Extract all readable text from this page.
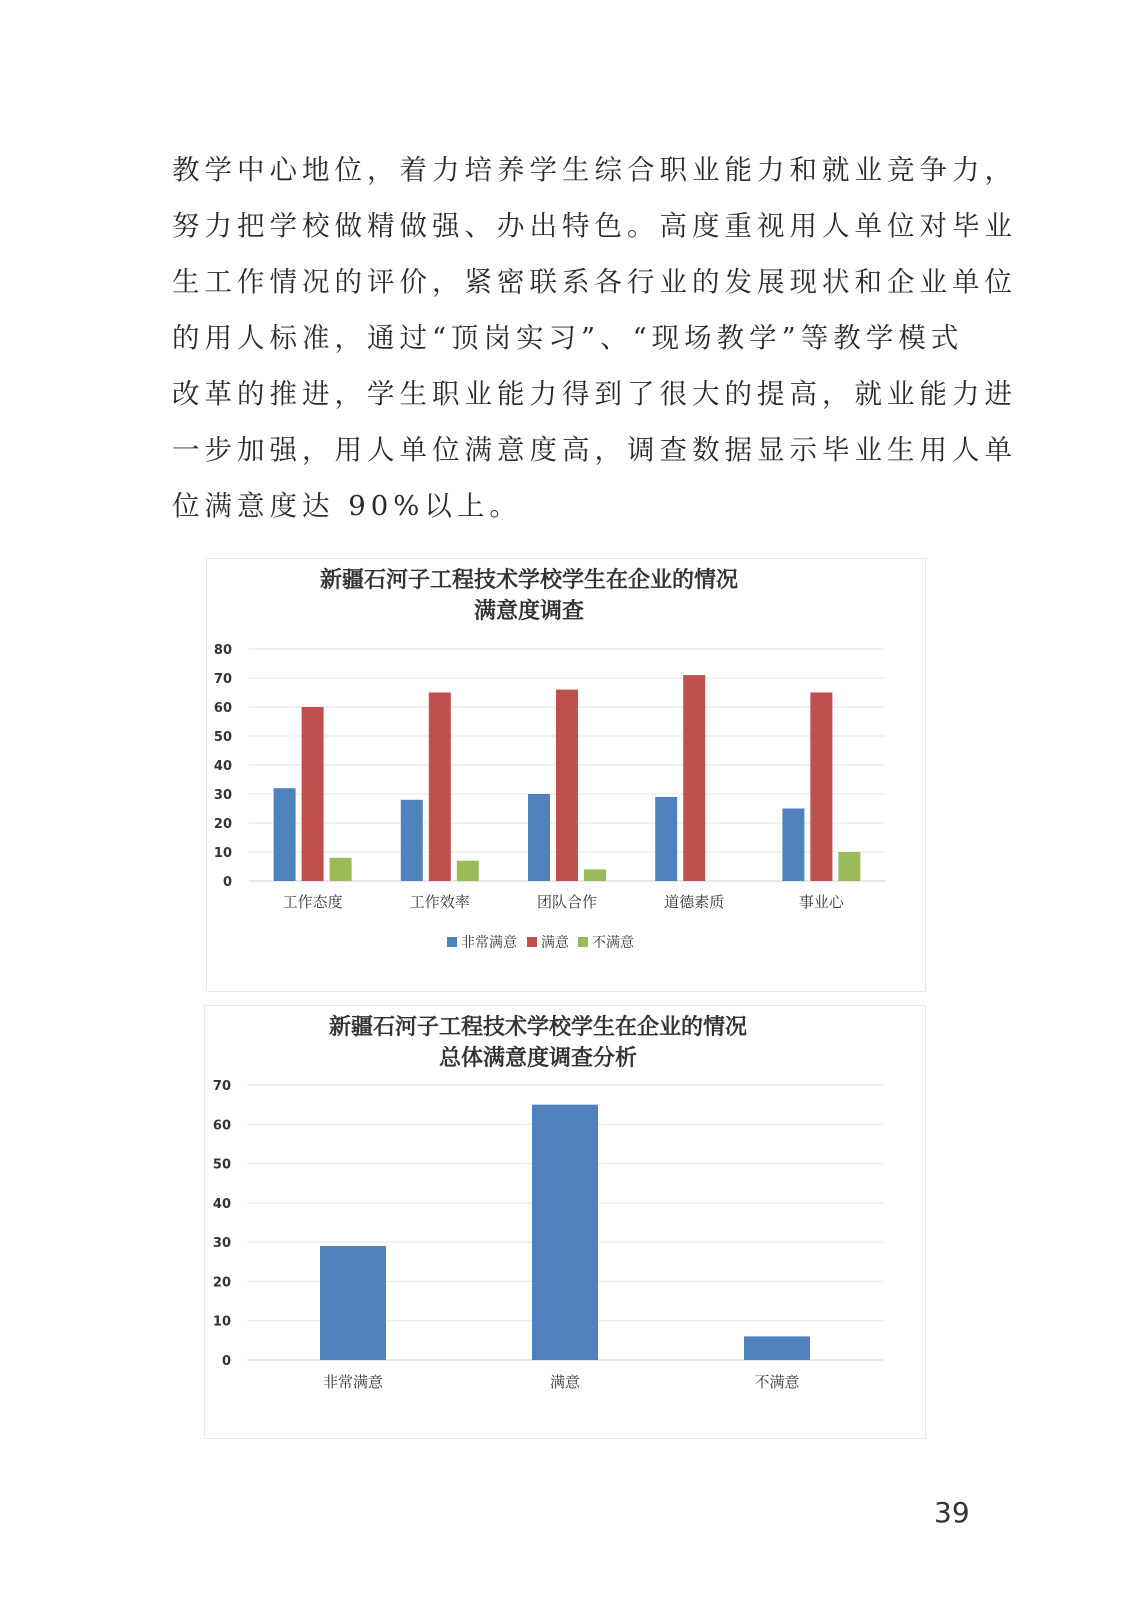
教学中心地位，着力培养学生综合职业能力和就业竞争力，

努力把学校做精做强、办出特色。高度重视用人单位对毕业

生工作情况的评价，紧密联系各行业的发展现状和企业单位

的用人标准，通过“顶岗实习”、“现场教学”等教学模式

改革的推进，学生职业能力得到了很大的提高，就业能力进

一步加强，用人单位满意度高，调查数据显示毕业生用人单

位满意度达 90%以上。

新疆石河子工程技术学校学生在企业的情况
满意度调查
0
10
20
30
40
50
60
70
80
工作态度	工作效率	团队合作	道德素质	事业心
非常满意 满意 不满意
新疆石河子工程技术学校学生在企业的情况
总体满意度调查分析
0
10
20
30
40
50
60
70
非常满意	满意	不满意
39
